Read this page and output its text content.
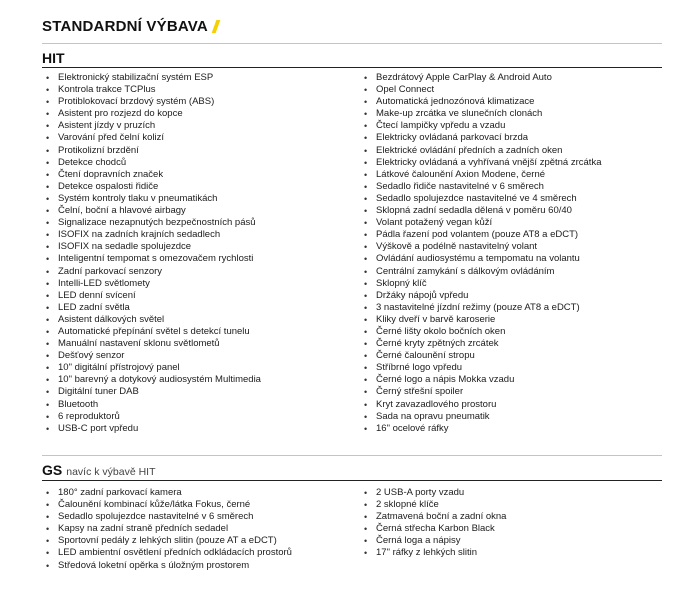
STANDARDNÍ VÝBAVA
HIT
• Elektronický stabilizační systém ESP
• Kontrola trakce TCPlus
• Protiblokovací brzdový systém (ABS)
• Asistent pro rozjezd do kopce
• Asistent jízdy v pruzích
• Varování před čelní kolizí
• Protikolizní brzdění
• Detekce chodců
• Čtení dopravních značek
• Detekce ospalosti řidiče
• Systém kontroly tlaku v pneumatikách
• Čelní, boční a hlavové airbagy
• Signalizace nezapnutých bezpečnostních pásů
• ISOFIX na zadních krajních sedadlech
• ISOFIX na sedadle spolujezdce
• Inteligentní tempomat s omezovačem rychlosti
• Zadní parkovací senzory
• Intelli-LED světlomety
• LED denní svícení
• LED zadní světla
• Asistent dálkových světel
• Automatické přepínání světel s detekcí tunelu
• Manuální nastavení sklonu světlometů
• Dešťový senzor
• 10" digitální přístrojový panel
• 10" barevný a dotykový audiosystém Multimedia
• Digitální tuner DAB
• Bluetooth
• 6 reproduktorů
• USB-C port vpředu
• Bezdrátový Apple CarPlay & Android Auto
• Opel Connect
• Automatická jednozónová klimatizace
• Make-up zrcátka ve slunečních clonách
• Čtecí lampičky vpředu a vzadu
• Elektricky ovládaná parkovací brzda
• Elektrické ovládání předních a zadních oken
• Elektricky ovládaná a vyhřívaná vnější zpětná zrcátka
• Látkové čalounění Axion Modene, černé
• Sedadlo řidiče nastavitelné v 6 směrech
• Sedadlo spolujezdce nastavitelné ve 4 směrech
• Sklopná zadní sedadla dělená v poměru 60/40
• Volant potažený vegan kůží
• Pádla řazení pod volantem (pouze AT8 a eDCT)
• Výškově a podélně nastavitelný volant
• Ovládání audiosystému a tempomatu na volantu
• Centrální zamykání s dálkovým ovládáním
• Sklopný klíč
• Držáky nápojů vpředu
• 3 nastavitelné jízdní režimy (pouze AT8 a eDCT)
• Kliky dveří v barvě karoserie
• Černé lišty okolo bočních oken
• Černé kryty zpětných zrcátek
• Černé čalounění stropu
• Stříbrné logo vpředu
• Černé logo a nápis Mokka vzadu
• Černý střešní spoiler
• Kryt zavazadlového prostoru
• Sada na opravu pneumatik
• 16" ocelové ráfky
GS navíc k výbavě HIT
• 180° zadní parkovací kamera
• Čalounění kombinací kůže/látka Fokus, černé
• Sedadlo spolujezdce nastavitelné v 6 směrech
• Kapsy na zadní straně předních sedadel
• Sportovní pedály z lehkých slitin (pouze AT a eDCT)
• LED ambientní osvětlení předních odkládacích prostorů
• Středová loketní opěrka s úložným prostorem
• 2 USB-A porty vzadu
• 2 sklopné klíče
• Zatmavená boční a zadní okna
• Černá střecha Karbon Black
• Černá loga a nápisy
• 17" ráfky z lehkých slitin
